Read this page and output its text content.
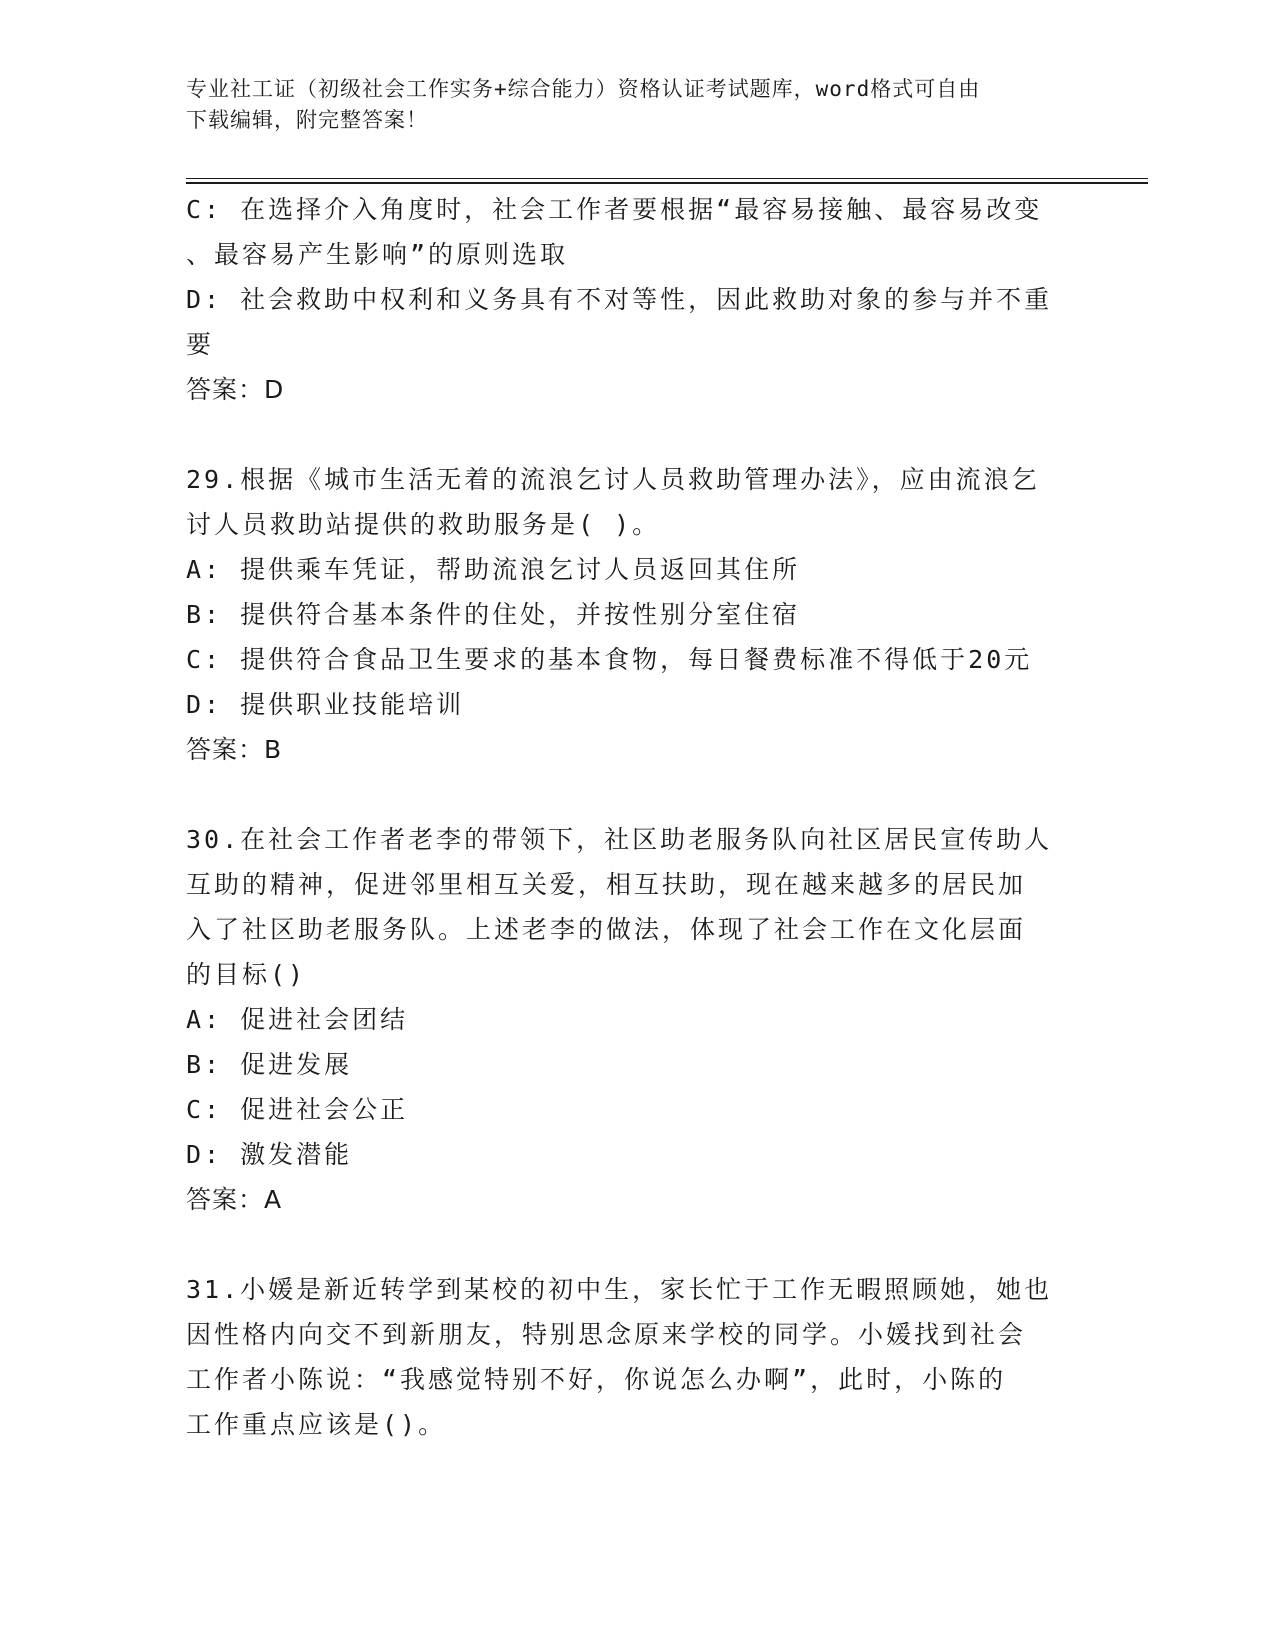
专业社工证（初级社会工作实务+综合能力）资格认证考试题库，word格式可自由
下载编辑，附完整答案！
C: 在选择介入角度时，社会工作者要根据“最容易接触、最容易改变
、最容易产生影响”的原则选取
D: 社会救助中权利和义务具有不对等性，因此救助对象的参与并不重
要
答案：D
29.根据《城市生活无着的流浪乞讨人员救助管理办法》，应由流浪乞
讨人员救助站提供的救助服务是( )。
A: 提供乘车凭证，帮助流浪乞讨人员返回其住所
B: 提供符合基本条件的住处，并按性别分室住宿
C: 提供符合食品卫生要求的基本食物，每日餐费标准不得低于20元
D: 提供职业技能培训
答案：B
30.在社会工作者老李的带领下，社区助老服务队向社区居民宣传助人
互助的精神，促进邻里相互关爱，相互扶助，现在越来越多的居民加
入了社区助老服务队。上述老李的做法，体现了社会工作在文化层面
的目标()
A: 促进社会团结
B: 促进发展
C: 促进社会公正
D: 激发潜能
答案：A
31.小媛是新近转学到某校的初中生，家长忙于工作无暇照顾她，她也
因性格内向交不到新朋友，特别思念原来学校的同学。小媛找到社会
工作者小陈说：“我感觉特别不好，你说怎么办啊”，此时，小陈的
工作重点应该是()。
